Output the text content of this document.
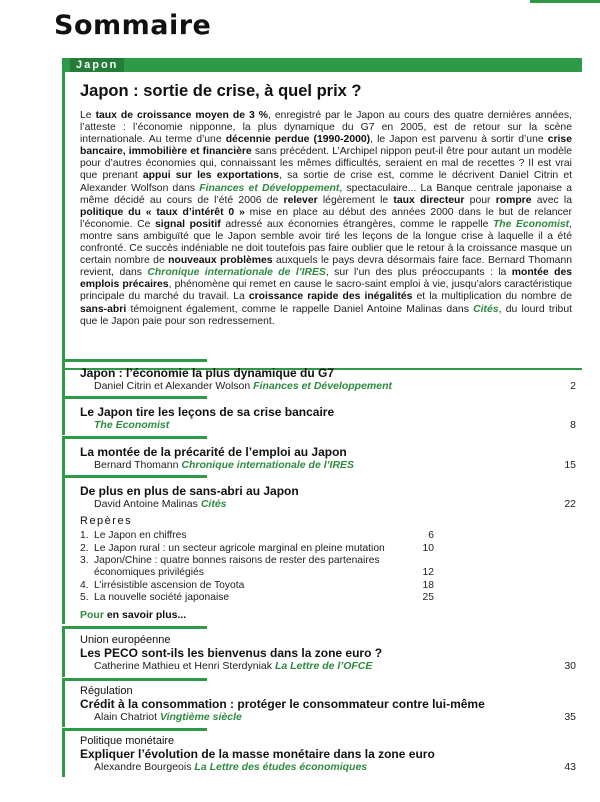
Sommaire
Japon
Japon : sortie de crise, à quel prix ?

Le taux de croissance moyen de 3 %, enregistré par le Japon au cours des quatre dernières années, l’atteste : l’économie nipponne, la plus dynamique du G7 en 2005, est de retour sur la scène internationale. Au terme d’une décennie perdue (1990-2000), le Japon est parvenu à sortir d’une crise bancaire, immobilière et financière sans précédent. L’Archipel nippon peut-il être pour autant un modèle pour d’autres économies qui, connaissant les mêmes difficultés, seraient en mal de recettes ? Il est vrai que prenant appui sur les exportations, sa sortie de crise est, comme le décrivent Daniel Citrin et Alexander Wolfson dans Finances et Développement, spectaculaire... La Banque centrale japonaise a même décidé au cours de l’été 2006 de relever légèrement le taux directeur pour rompre avec la politique du « taux d’intérêt 0 » mise en place au début des années 2000 dans le but de relancer l’économie. Ce signal positif adressé aux économies étrangères, comme le rappelle The Economist, montre sans ambiguïté que le Japon semble avoir tiré les leçons de la longue crise à laquelle il a été confronté. Ce succès indéniable ne doit toutefois pas faire oublier que le retour à la croissance masque un certain nombre de nouveaux problèmes auxquels le pays devra désormais faire face. Bernard Thomann revient, dans Chronique internationale de l’IRES, sur l’un des plus préoccupants : la montée des emplois précaires, phénomène qui remet en cause le sacro-saint emploi à vie, jusqu’alors caractéristique principale du marché du travail. La croissance rapide des inégalités et la multiplication du nombre de sans-abri témoignent également, comme le rappelle Daniel Antoine Malinas dans Cités, du lourd tribut que le Japon paie pour son redressement.

Japon : l’économie la plus dynamique du G7
Daniel Citrin et Alexander Wolson Finances et Développement	2
Le Japon tire les leçons de sa crise bancaire
The Economist	8
La montée de la précarité de l’emploi au Japon
Bernard Thomann Chronique internationale de l’IRES	15
De plus en plus de sans-abri au Japon
David Antoine Malinas Cités	22
Repères
1. Le Japon en chiffres	6
2. Le Japon rural : un secteur agricole marginal en pleine mutation	10
3. Japon/Chine : quatre bonnes raisons de rester des partenaires
économiques privilégiés	12
4. L’irrésistible ascension de Toyota	18
5. La nouvelle société japonaise	25
Pour en savoir plus...
Union européenne
Les PECO sont-ils les bienvenus dans la zone euro ?
Catherine Mathieu et Henri Sterdyniak La Lettre de l’OFCE	30
Régulation
Crédit à la consommation : protéger le consommateur contre lui-même
Alain Chatriot Vingtième siècle	35
Politique monétaire
Expliquer l’évolution de la masse monétaire dans la zone euro
Alexandre Bourgeois La Lettre des études économiques	43
